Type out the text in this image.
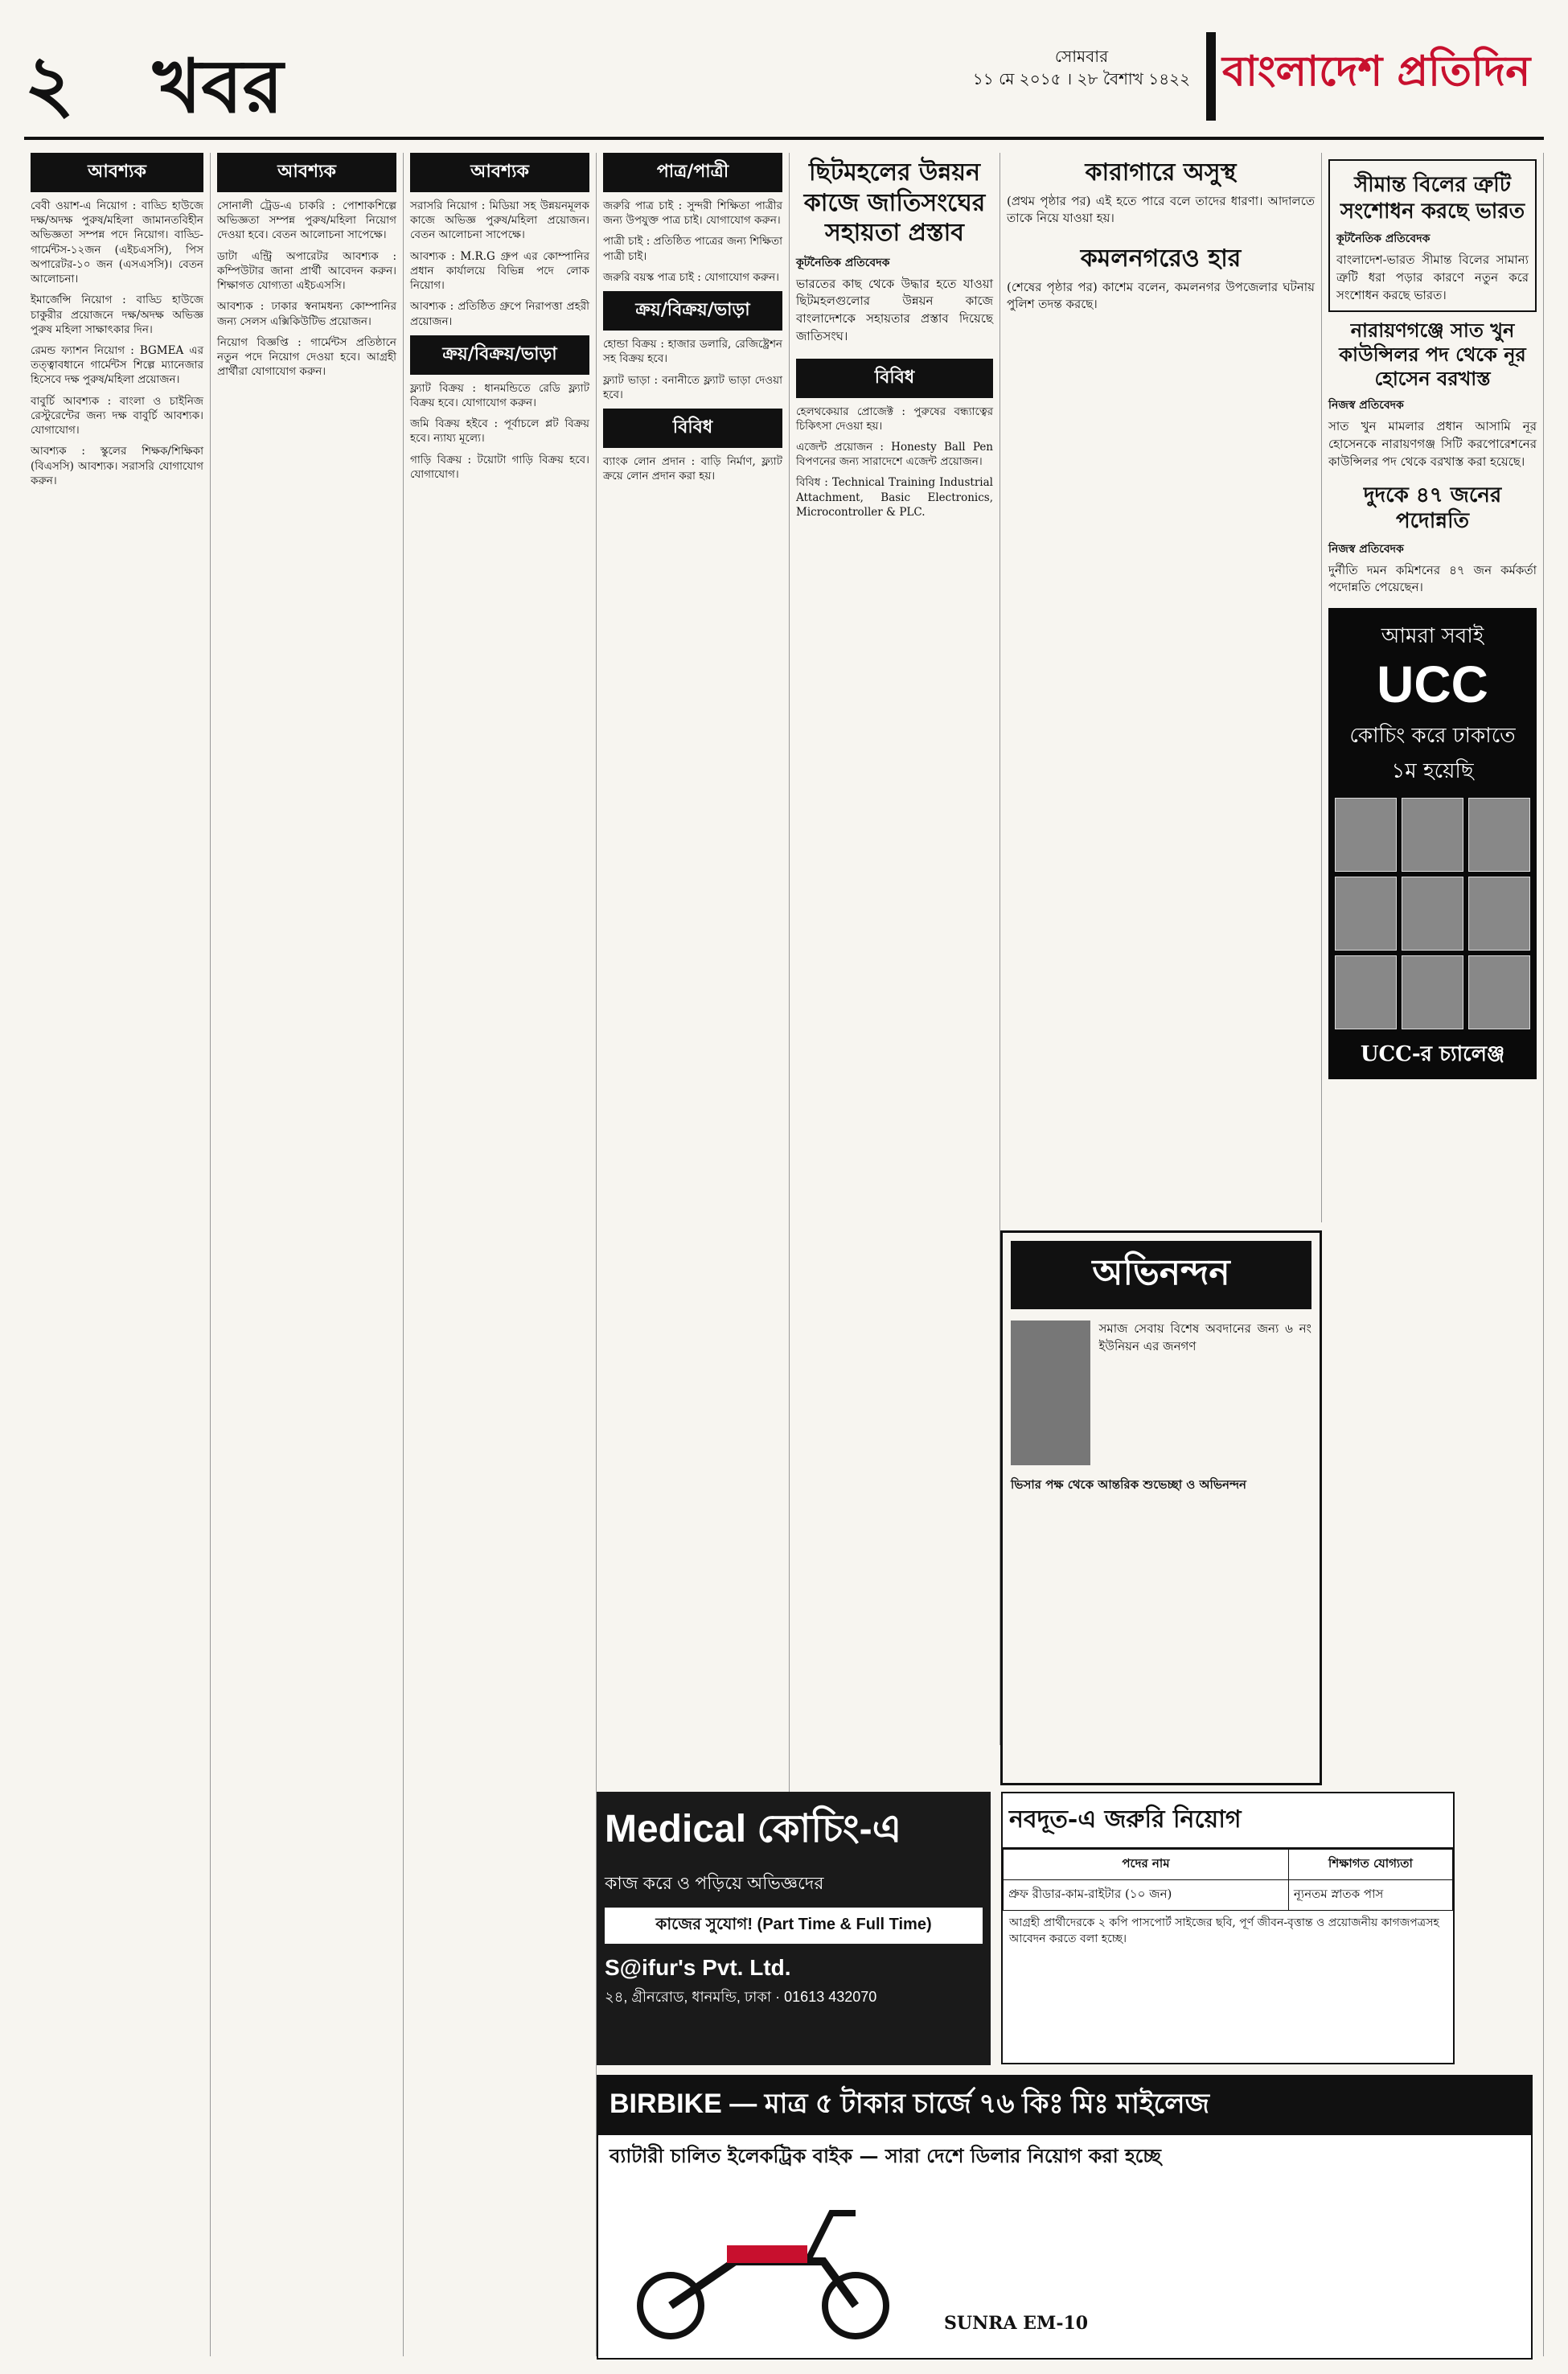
২ খবর	সোমবার
১১ মে ২০১৫ । ২৮ বৈশাখ ১৪২২ বাংলাদেশ প্রতিদিন
আবশ্যক

বেবী ওয়াশ-এ নিয়োগ : বাড্ডি হাউজে দক্ষ/অদক্ষ পুরুষ/মহিলা জামানতবিহীন অভিজ্ঞতা সম্পন্ন পদে নিয়োগ। বাড্ডি-গার্মেন্টস-১২জন (এইচএসসি), পিস অপারেটর-১০ জন (এসএসসি)। বেতন আলোচনা।

ইমার্জেন্সি নিয়োগ : বাড্ডি হাউজে চাকুরীর প্রয়োজনে দক্ষ/অদক্ষ অভিজ্ঞ পুরুষ মহিলা সাক্ষাৎকার দিন।

রেমন্ড ফ্যাশন নিয়োগ : BGMEA এর তত্ত্বাবধানে গার্মেন্টস শিল্পে ম্যানেজার হিসেবে দক্ষ পুরুষ/মহিলা প্রয়োজন।

বাবুর্চি আবশ্যক : বাংলা ও চাইনিজ রেস্টুরেন্টের জন্য দক্ষ বাবুর্চি আবশ্যক। যোগাযোগ।

আবশ্যক : স্কুলের শিক্ষক/শিক্ষিকা (বিএসসি) আবশ্যক। সরাসরি যোগাযোগ করুন।

আবশ্যক

সোনালী ট্রেড-এ চাকরি : পোশাকশিল্পে অভিজ্ঞতা সম্পন্ন পুরুষ/মহিলা নিয়োগ দেওয়া হবে। বেতন আলোচনা সাপেক্ষে।

ডাটা এন্ট্রি অপারেটর আবশ্যক : কম্পিউটার জানা প্রার্থী আবেদন করুন। শিক্ষাগত যোগ্যতা এইচএসসি।

আবশ্যক : ঢাকার স্বনামধন্য কোম্পানির জন্য সেলস এক্সিকিউটিভ প্রয়োজন।

নিয়োগ বিজ্ঞপ্তি : গার্মেন্টস প্রতিষ্ঠানে নতুন পদে নিয়োগ দেওয়া হবে। আগ্রহী প্রার্থীরা যোগাযোগ করুন।

আবশ্যক

সরাসরি নিয়োগ : মিডিয়া সহ উন্নয়নমূলক কাজে অভিজ্ঞ পুরুষ/মহিলা প্রয়োজন। বেতন আলোচনা সাপেক্ষে।

আবশ্যক : M.R.G গ্রুপ এর কোম্পানির প্রধান কার্যালয়ে বিভিন্ন পদে লোক নিয়োগ।

আবশ্যক : প্রতিষ্ঠিত গ্রুপে নিরাপত্তা প্রহরী প্রয়োজন।

ক্রয়/বিক্রয়/ভাড়া

ফ্ল্যাট বিক্রয় : ধানমন্ডিতে রেডি ফ্ল্যাট বিক্রয় হবে। যোগাযোগ করুন।

জমি বিক্রয় হইবে : পূর্বাচলে প্লট বিক্রয় হবে। ন্যায্য মূল্যে।

গাড়ি বিক্রয় : টয়োটা গাড়ি বিক্রয় হবে। যোগাযোগ।

পাত্র/পাত্রী

জরুরি পাত্র চাই : সুন্দরী শিক্ষিতা পাত্রীর জন্য উপযুক্ত পাত্র চাই। যোগাযোগ করুন।

পাত্রী চাই : প্রতিষ্ঠিত পাত্রের জন্য শিক্ষিতা পাত্রী চাই।

জরুরি বয়স্ক পাত্র চাই : যোগাযোগ করুন।

ক্রয়/বিক্রয়/ভাড়া

হোন্ডা বিক্রয় : হাজার ডলারি, রেজিষ্ট্রেশন সহ বিক্রয় হবে।

ফ্ল্যাট ভাড়া : বনানীতে ফ্ল্যাট ভাড়া দেওয়া হবে।

বিবিধ

ব্যাংক লোন প্রদান : বাড়ি নির্মাণ, ফ্ল্যাট ক্রয়ে লোন প্রদান করা হয়।

ছিটমহলের উন্নয়ন কাজে জাতিসংঘের সহায়তা প্রস্তাব
কূটনৈতিক প্রতিবেদক
ভারতের কাছ থেকে উদ্ধার হতে যাওয়া ছিটমহলগুলোর উন্নয়ন কাজে বাংলাদেশকে সহায়তার প্রস্তাব দিয়েছে জাতিসংঘ।
বিবিধ

হেলথকেয়ার প্রোজেক্ট : পুরুষের বন্ধ্যাত্বের চিকিৎসা দেওয়া হয়।

এজেন্ট প্রয়োজন : Honesty Ball Pen বিপণনের জন্য সারাদেশে এজেন্ট প্রয়োজন।

বিবিধ : Technical Training Industrial Attachment, Basic Electronics, Microcontroller & PLC.

কারাগারে অসুস্থ
(প্রথম পৃষ্ঠার পর) এই হতে পারে বলে তাদের ধারণা। আদালতে তাকে নিয়ে যাওয়া হয়।
কমলনগরেও হার
(শেষের পৃষ্ঠার পর) কাশেম বলেন, কমলনগর উপজেলার ঘটনায় পুলিশ তদন্ত করছে।
সীমান্ত বিলের ত্রুটি সংশোধন করছে ভারত
কূটনৈতিক প্রতিবেদক
বাংলাদেশ-ভারত সীমান্ত বিলের সামান্য ত্রুটি ধরা পড়ার কারণে নতুন করে সংশোধন করছে ভারত।
নারায়ণগঞ্জে সাত খুন কাউন্সিলর পদ থেকে নূর হোসেন বরখাস্ত
নিজস্ব প্রতিবেদক
সাত খুন মামলার প্রধান আসামি নূর হোসেনকে নারায়ণগঞ্জ সিটি করপোরেশনের কাউন্সিলর পদ থেকে বরখাস্ত করা হয়েছে।
দুদকে ৪৭ জনের পদোন্নতি
নিজস্ব প্রতিবেদক
দুর্নীতি দমন কমিশনের ৪৭ জন কর্মকর্তা পদোন্নতি পেয়েছেন।
আমরা সবাই
UCC
কোচিং করে ঢাকাতে ১ম হয়েছি
UCC-র চ্যালেঞ্জ
অভিনন্দন
সমাজ সেবায় বিশেষ অবদানের জন্য ৬ নং ইউনিয়ন এর জনগণ
ভিসার পক্ষ থেকে আন্তরিক শুভেচ্ছা ও অভিনন্দন
Medical কোচিং-এ
কাজ করে ও পড়িয়ে অভিজ্ঞদের
কাজের সুযোগ! (Part Time & Full Time)
S@ifur's Pvt. Ltd.
২৪, গ্রীনরোড, ধানমন্ডি, ঢাকা · 01613 432070
নবদূত-এ জরুরি নিয়োগ
পদের নাম	শিক্ষাগত যোগ্যতা
প্রুফ রীডার-কাম-রাইটার (১০ জন)	ন্যূনতম স্নাতক পাস
আগ্রহী প্রার্থীদেরকে ২ কপি পাসপোর্ট সাইজের ছবি, পূর্ণ জীবন-বৃত্তান্ত ও প্রয়োজনীয় কাগজপত্রসহ আবেদন করতে বলা হচ্ছে।
BIRBIKE — মাত্র ৫ টাকার চার্জে ৭৬ কিঃ মিঃ মাইলেজ
ব্যাটারী চালিত ইলেকট্রিক বাইক — সারা দেশে ডিলার নিয়োগ করা হচ্ছে
SUNRA EM-10
